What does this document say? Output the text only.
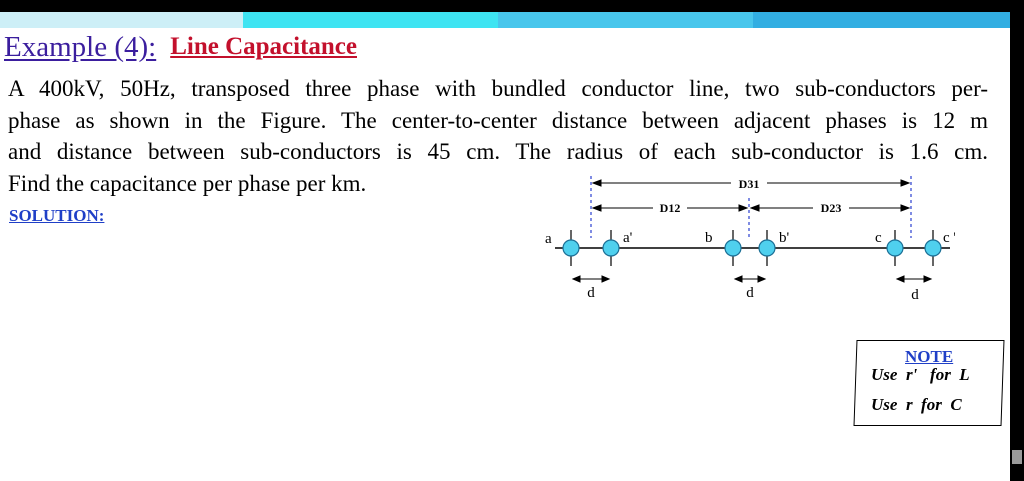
Example (4): Line Capacitance
A 400kV, 50Hz, transposed three phase with bundled conductor line, two sub-conductors per-
phase as shown in the Figure. The center-to-center distance between adjacent phases is 12 m
and distance between sub-conductors is 45 cm. The radius of each sub-conductor is 1.6 cm.
Find the capacitance per phase per km.
SOLUTION:
D31
D12	D23
a	a'	b	b'	c	c '
d	d	d
NOTE
Use  r'   for  L
Use  r  for  C
